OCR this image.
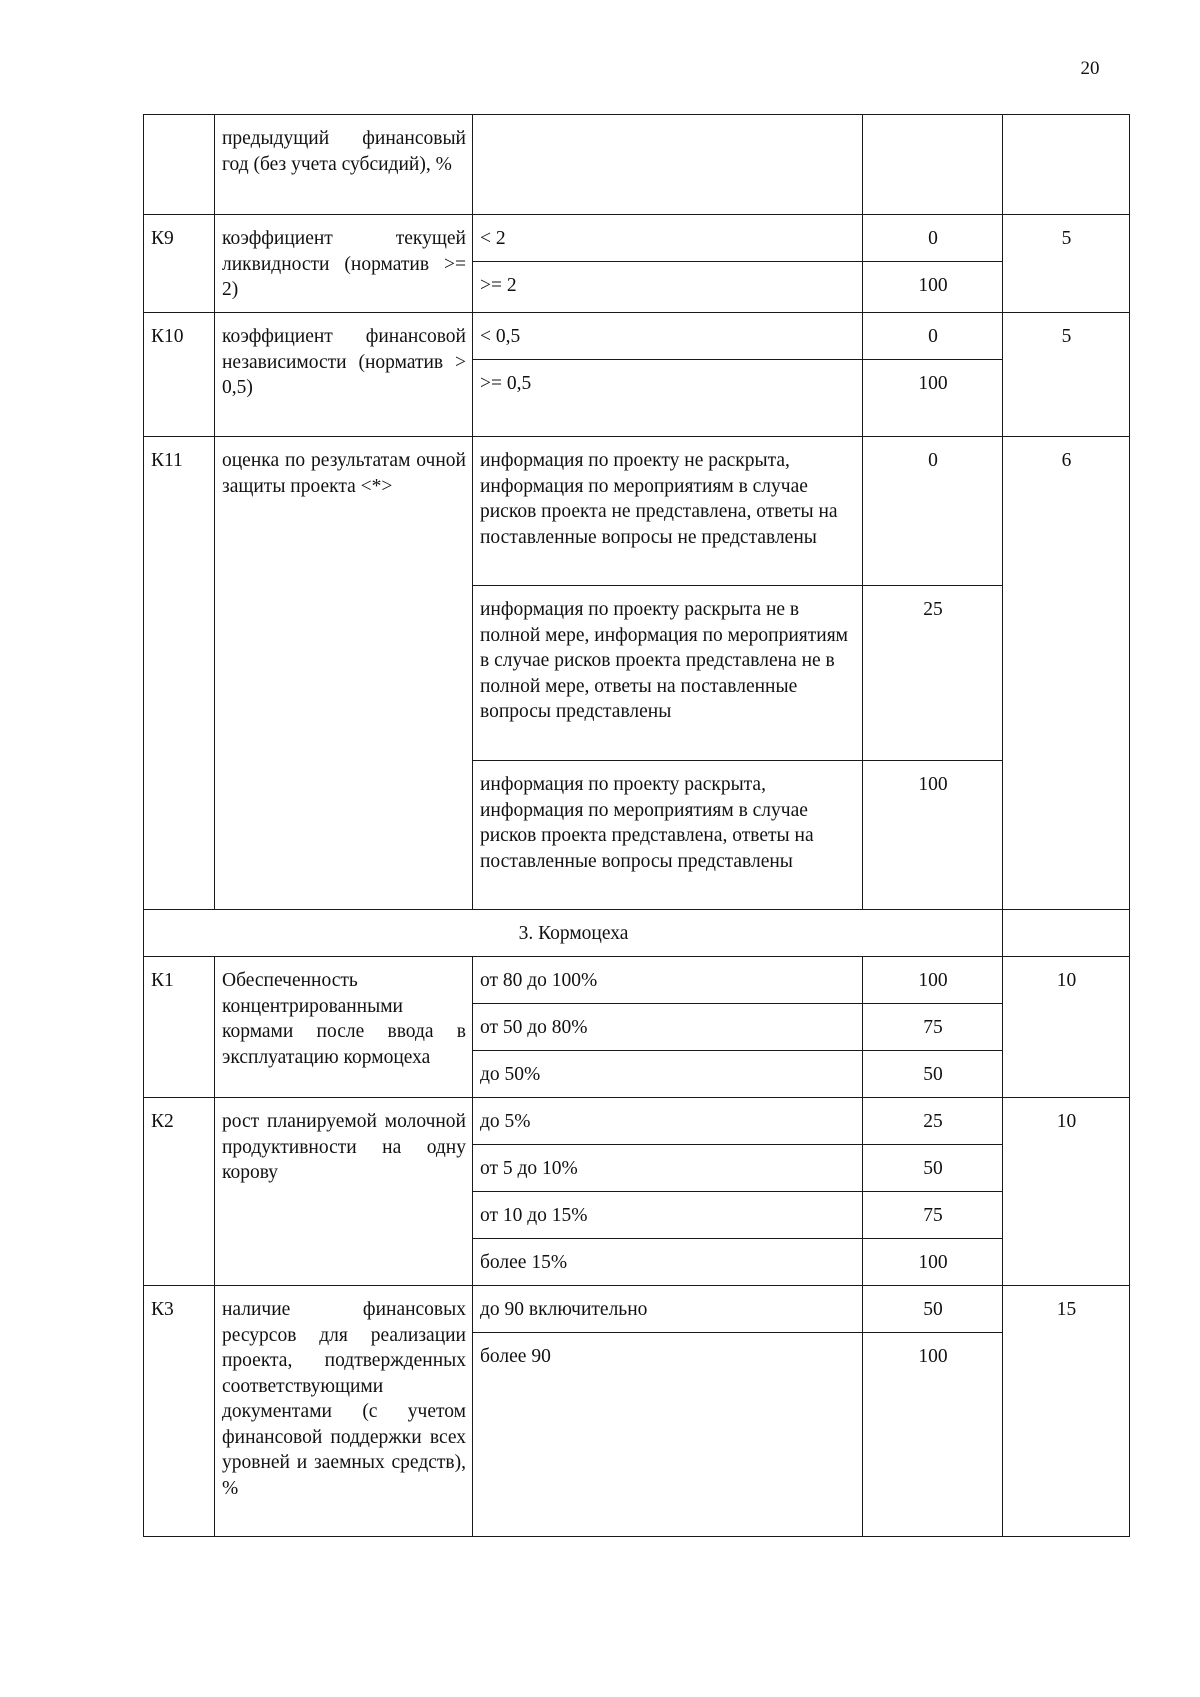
20
	предыдущий финансовый год (без учета субсидий), %			
К9	коэффициент текущей ликвидности (норматив >= 2)	< 2	0	5
		>= 2	100	
К10	коэффициент финансовой независимости (норматив > 0,5)	< 0,5	0	5
		>= 0,5	100	
К11	оценка по результатам очной защиты проекта <*>	информация по проекту не раскрыта, информация по мероприятиям в случае рисков проекта не представлена, ответы на поставленные вопросы не представлены	0	6
		информация по проекту раскрыта не в полной мере, информация по мероприятиям в случае рисков проекта представлена не в полной мере, ответы на поставленные вопросы представлены	25	
		информация по проекту раскрыта, информация по мероприятиям в случае рисков проекта представлена, ответы на поставленные вопросы представлены	100	
3. Кормоцеха				
К1	Обеспеченность концентрированными кормами после ввода в эксплуатацию кормоцеха	от 80 до 100%	100	10
		от 50 до 80%	75	
		до 50%	50	
К2	рост планируемой молочной продуктивности на одну корову	до 5%	25	10
		от 5 до 10%	50	
		от 10 до 15%	75	
		более 15%	100	
К3	наличие финансовых ресурсов для реализации проекта, подтвержденных соответствующими документами (с учетом финансовой поддержки всех уровней и заемных средств), %	до 90 включительно	50	15
		более 90	100	
